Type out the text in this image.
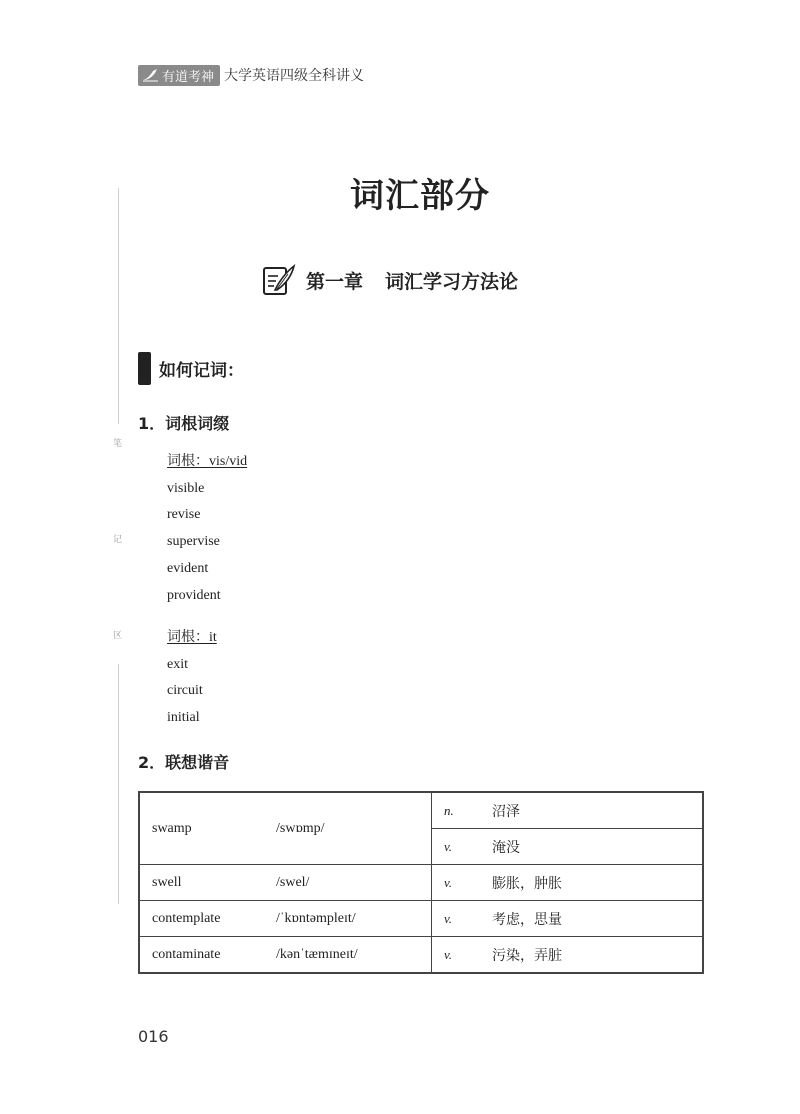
有道考神 大学英语四级全科讲义
笔
记
区
词汇部分
第一章 词汇学习方法论
如何记词：
1．词根词缀
词根：vis/vid
visible
revise
supervise
evident
provident
词根：it
exit
circuit
initial
2．联想谐音
swamp	/swɒmp/	n.	沼泽
		v.	淹没
swell	/swel/	v.	膨胀，肿胀
contemplate	/ˈkɒntəmpleɪt/	v.	考虑，思量
contaminate	/kənˈtæmɪneɪt/	v.	污染，弄脏
016
